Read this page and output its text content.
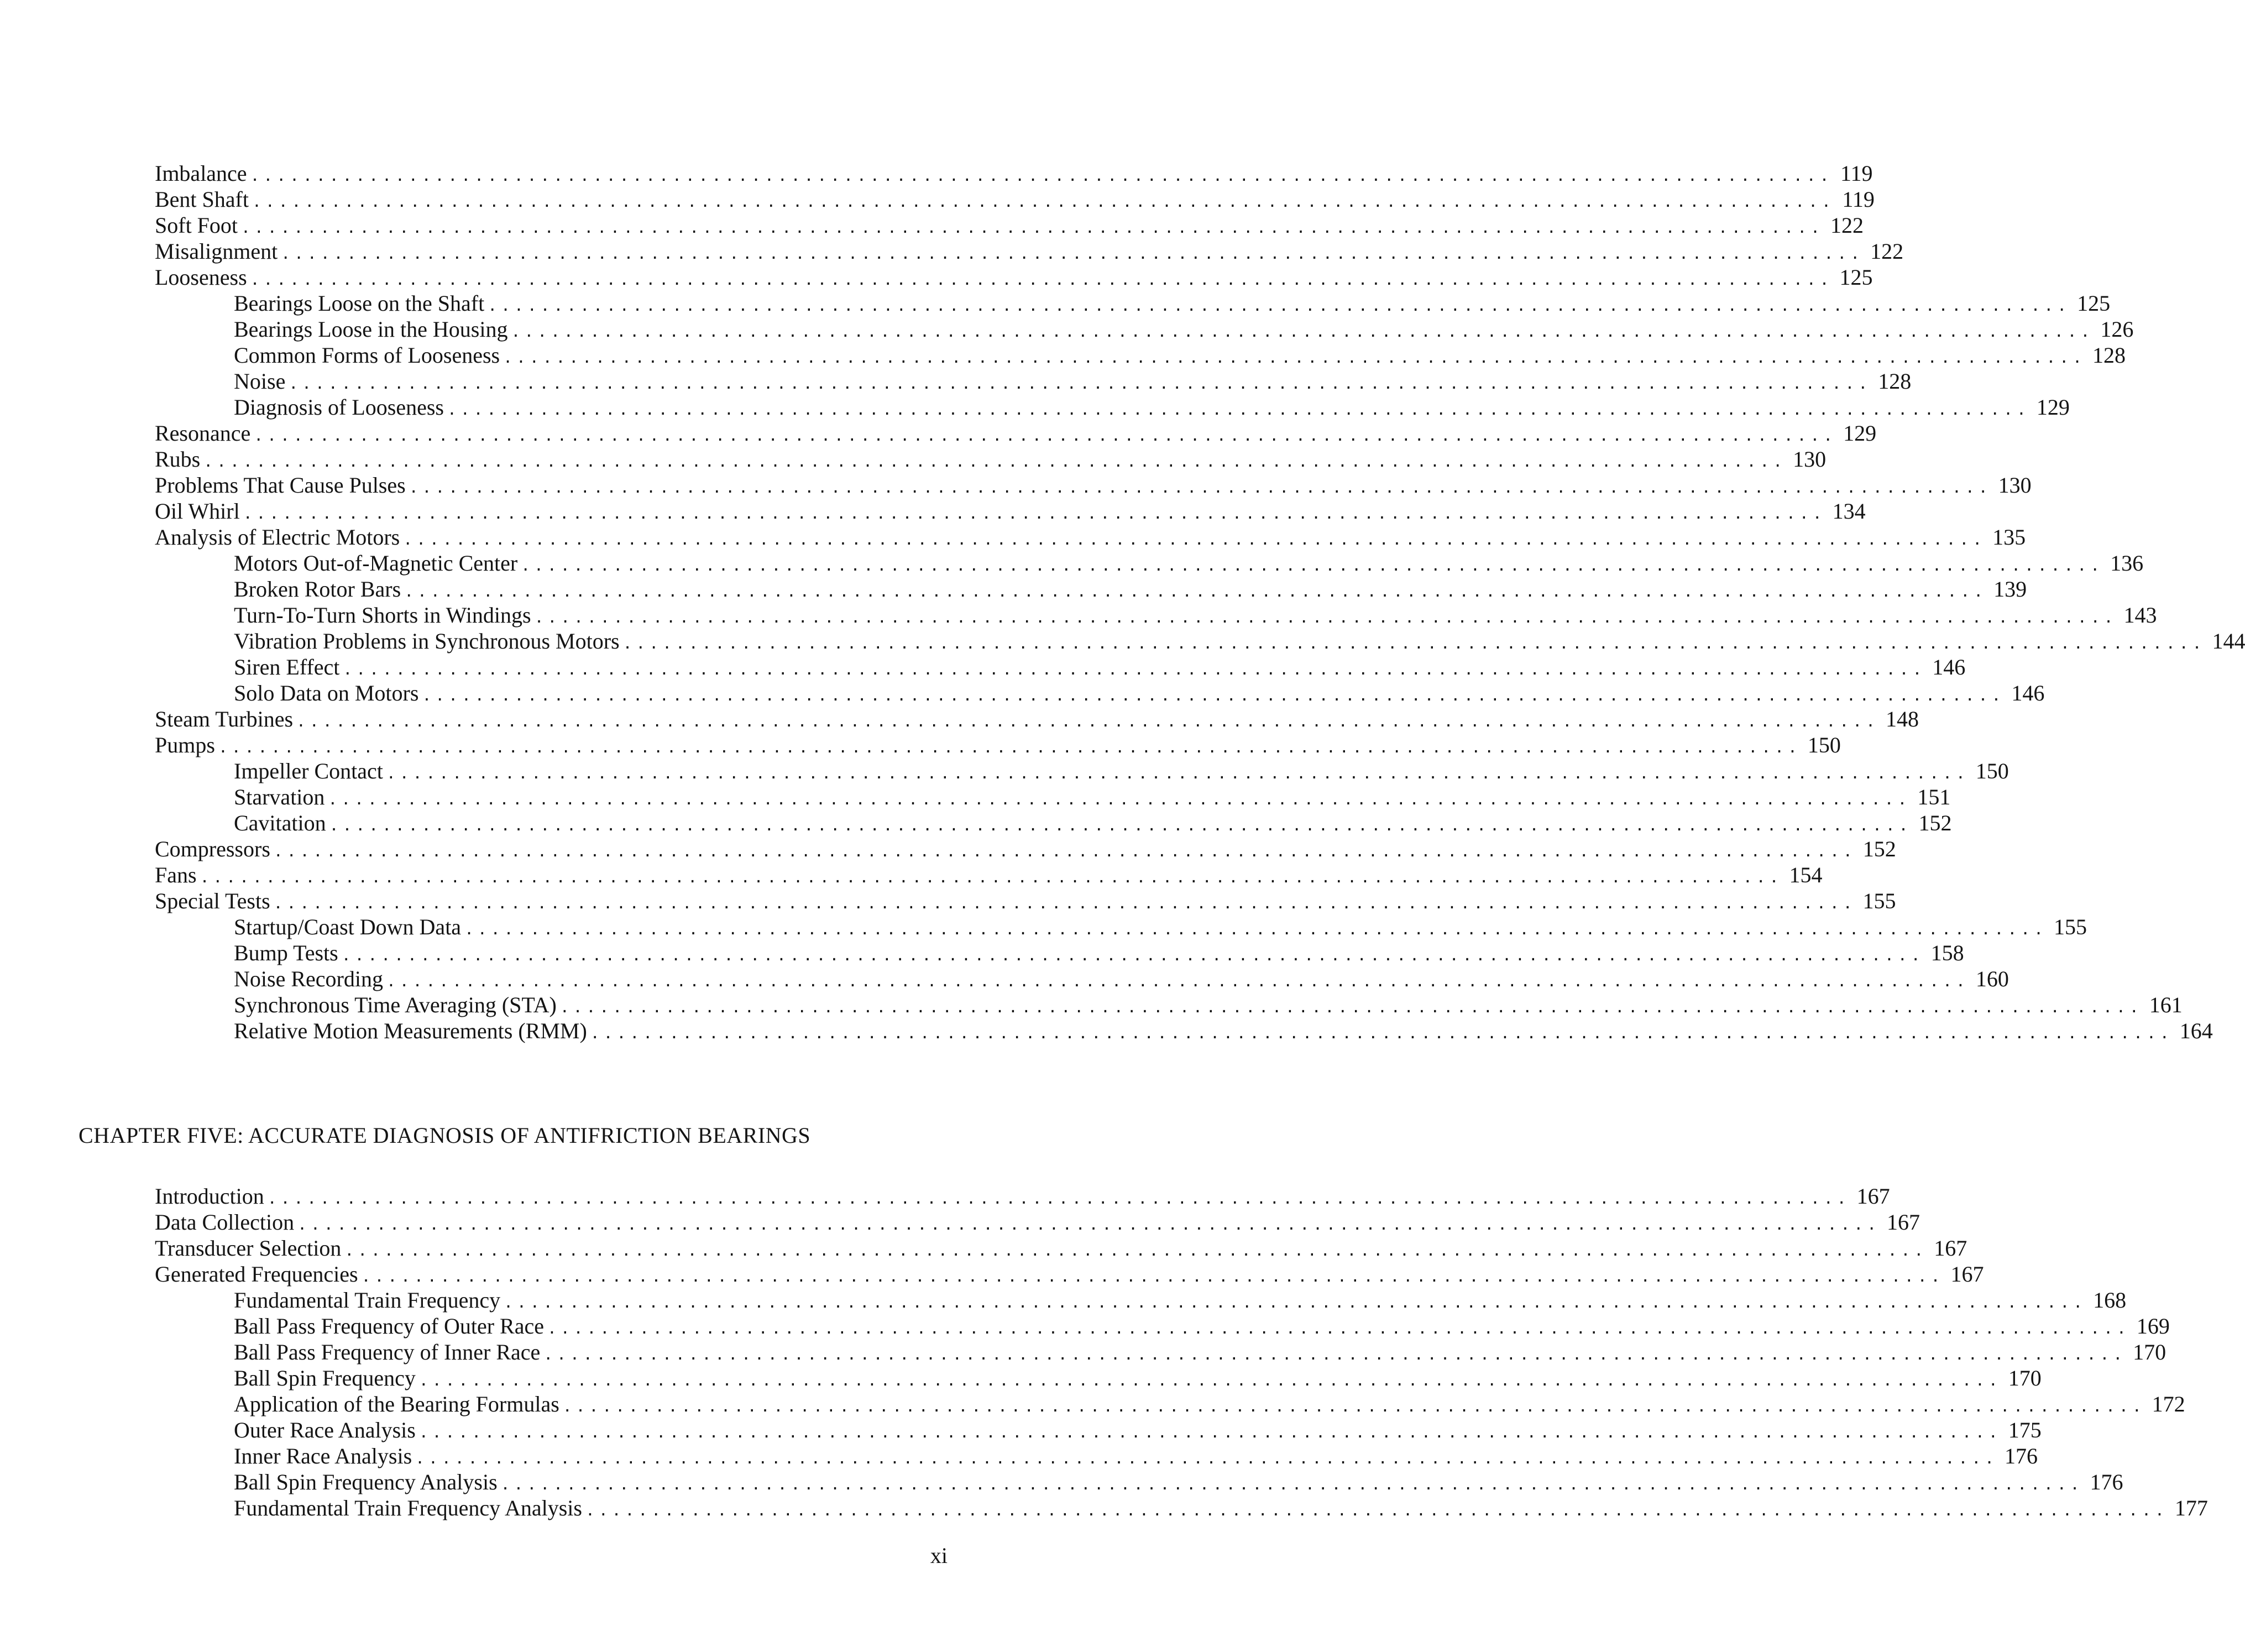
Imbalance ........................................................................................................................ 119
Bent Shaft ........................................................................................................................ 119
Soft Foot ........................................................................................................................ 122
Misalignment ........................................................................................................................ 122
Looseness ........................................................................................................................ 125
Bearings Loose on the Shaft ........................................................................................................................ 125
Bearings Loose in the Housing ........................................................................................................................ 126
Common Forms of Looseness ........................................................................................................................ 128
Noise ........................................................................................................................ 128
Diagnosis of Looseness ........................................................................................................................ 129
Resonance ........................................................................................................................ 129
Rubs ........................................................................................................................ 130
Problems That Cause Pulses ........................................................................................................................ 130
Oil Whirl ........................................................................................................................ 134
Analysis of Electric Motors ........................................................................................................................ 135
Motors Out-of-Magnetic Center ........................................................................................................................ 136
Broken Rotor Bars ........................................................................................................................ 139
Turn-To-Turn Shorts in Windings ........................................................................................................................ 143
Vibration Problems in Synchronous Motors ........................................................................................................................ 144
Siren Effect ........................................................................................................................ 146
Solo Data on Motors ........................................................................................................................ 146
Steam Turbines ........................................................................................................................ 148
Pumps ........................................................................................................................ 150
Impeller Contact ........................................................................................................................ 150
Starvation ........................................................................................................................ 151
Cavitation ........................................................................................................................ 152
Compressors ........................................................................................................................ 152
Fans ........................................................................................................................ 154
Special Tests ........................................................................................................................ 155
Startup/Coast Down Data ........................................................................................................................ 155
Bump Tests ........................................................................................................................ 158
Noise Recording ........................................................................................................................ 160
Synchronous Time Averaging (STA) ........................................................................................................................ 161
Relative Motion Measurements (RMM) ........................................................................................................................ 164
CHAPTER FIVE: ACCURATE DIAGNOSIS OF ANTIFRICTION BEARINGS
Introduction ........................................................................................................................ 167
Data Collection ........................................................................................................................ 167
Transducer Selection ........................................................................................................................ 167
Generated Frequencies ........................................................................................................................ 167
Fundamental Train Frequency ........................................................................................................................ 168
Ball Pass Frequency of Outer Race ........................................................................................................................ 169
Ball Pass Frequency of Inner Race ........................................................................................................................ 170
Ball Spin Frequency ........................................................................................................................ 170
Application of the Bearing Formulas ........................................................................................................................ 172
Outer Race Analysis ........................................................................................................................ 175
Inner Race Analysis ........................................................................................................................ 176
Ball Spin Frequency Analysis ........................................................................................................................ 176
Fundamental Train Frequency Analysis ........................................................................................................................ 177
xi
